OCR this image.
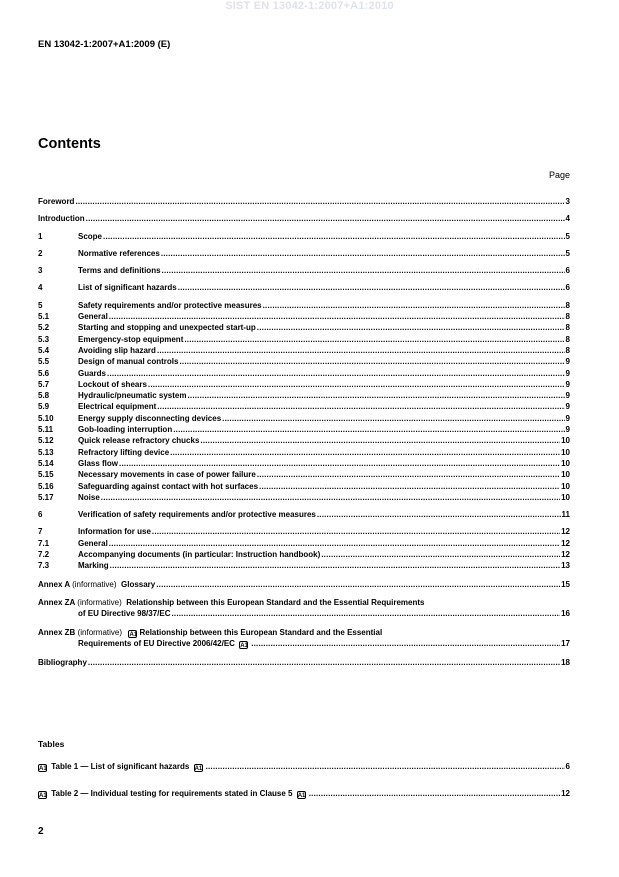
SIST EN 13042-1:2007+A1:2010
EN 13042-1:2007+A1:2009 (E)
Contents
Page
Foreword .....	3
Introduction .....	4
1	Scope .....	5
2	Normative references .....	5
3	Terms and definitions .....	6
4	List of significant hazards .....	6
5	Safety requirements and/or protective measures .....	8
5.1	General .....	8
5.2	Starting and stopping and unexpected start-up .....	8
5.3	Emergency-stop equipment .....	8
5.4	Avoiding slip hazard .....	8
5.5	Design of manual controls .....	9
5.6	Guards .....	9
5.7	Lockout of shears .....	9
5.8	Hydraulic/pneumatic system .....	9
5.9	Electrical equipment .....	9
5.10	Energy supply disconnecting devices .....	9
5.11	Gob-loading interruption .....	9
5.12	Quick release refractory chucks .....	10
5.13	Refractory lifting device .....	10
5.14	Glass flow .....	10
5.15	Necessary movements in case of power failure .....	10
5.16	Safeguarding against contact with hot surfaces .....	10
5.17	Noise .....	10
6	Verification of safety requirements and/or protective measures .....	11
7	Information for use .....	12
7.1	General .....	12
7.2	Accompanying documents (in particular: Instruction handbook) .....	12
7.3	Marking .....	13
Annex A (informative) Glossary .....	15
Annex ZA (informative) Relationship between this European Standard and the Essential Requirements
of EU Directive 98/37/EC .....	16
Annex ZB (informative) A1 Relationship between this European Standard and the Essential
Requirements of EU Directive 2006/42/EC A1 .....	17
Bibliography .....	18
Tables
A1 Table 1 — List of significant hazards A1 .....	6
A1 Table 2 — Individual testing for requirements stated in Clause 5 A1 .....	12
2
